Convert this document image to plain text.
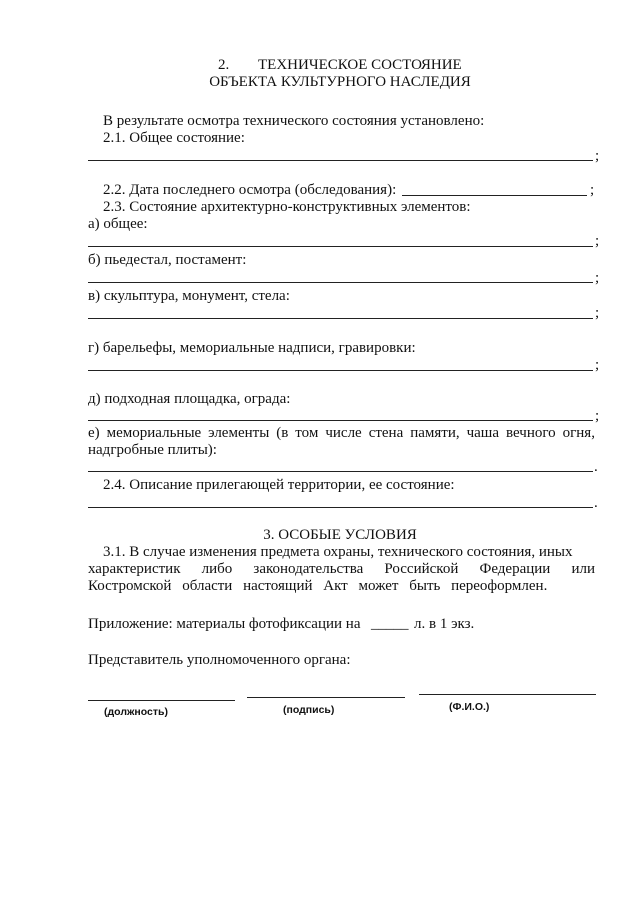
2. ТЕХНИЧЕСКОЕ СОСТОЯНИЕ
ОБЪЕКТА КУЛЬТУРНОГО НАСЛЕДИЯ
В результате осмотра технического состояния установлено:
2.1. Общее состояние:
;
2.2. Дата последнего осмотра (обследования):	;
2.3. Состояние архитектурно-конструктивных элементов:
а) общее:
;
б) пьедестал, постамент:
;
в) скульптура, монумент, стела:
;
г) барельефы, мемориальные надписи, гравировки:
;
д) подходная площадка, ограда:
;
е) мемориальные элементы (в том числе стена памяти, чаша вечного огня,
надгробные плиты):
.
2.4. Описание прилегающей территории, ее состояние:
.
3. ОСОБЫЕ УСЛОВИЯ
3.1. В случае изменения предмета охраны, технического состояния, иных
характеристик либо законодательства Российской Федерации или
Костромской области настоящий Акт может быть переоформлен.
Приложение: материалы фотофиксации на _____ л. в 1 экз.
Представитель уполномоченного органа:
(должность)	(подпись)	(Ф.И.О.)
